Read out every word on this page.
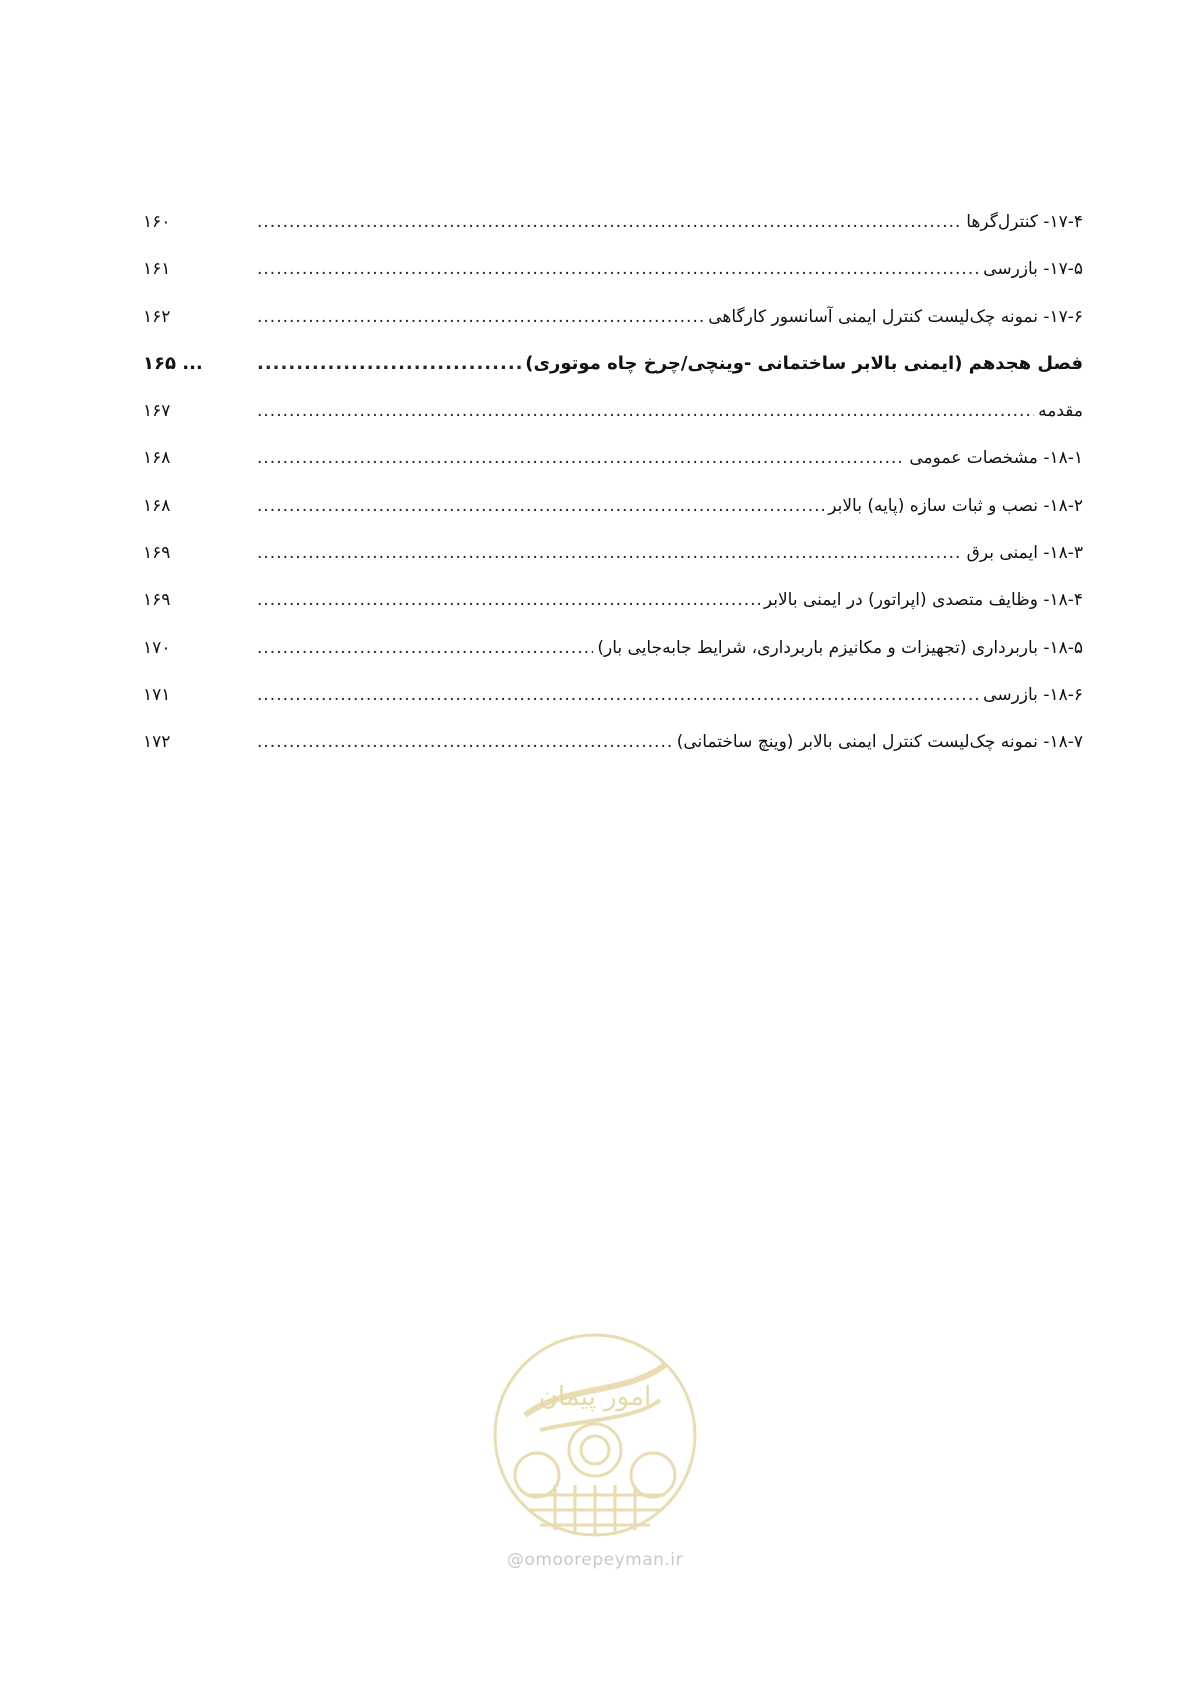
۱۷-۴- کنترل‌گرها
.....
۱۶۰
۱۷-۵- بازرسی
.....
۱۶۱
۱۷-۶- نمونه چک‌لیست کنترل ایمنی آسانسور کارگاهی
.....
۱۶۲
فصل هجدهم (ایمنی بالابر ساختمانی -وینچی/چرخ چاه موتوری)
.....
... ۱۶۵
مقدمه
.....
۱۶۷
۱۸-۱- مشخصات عمومی
.....
۱۶۸
۱۸-۲- نصب و ثبات سازه (پایه) بالابر
.....
۱۶۸
۱۸-۳- ایمنی برق
.....
۱۶۹
۱۸-۴- وظایف متصدی (اپراتور) در ایمنی بالابر
.....
۱۶۹
۱۸-۵- باربرداری (تجهیزات و مکانیزم باربرداری، شرایط جابه‌جایی بار)
.....
۱۷۰
۱۸-۶- بازرسی
.....
۱۷۱
۱۸-۷- نمونه چک‌لیست کنترل ایمنی بالابر (وینچ ساختمانی)
.....
۱۷۲
امور پیمان
@omoorepeyman.ir
